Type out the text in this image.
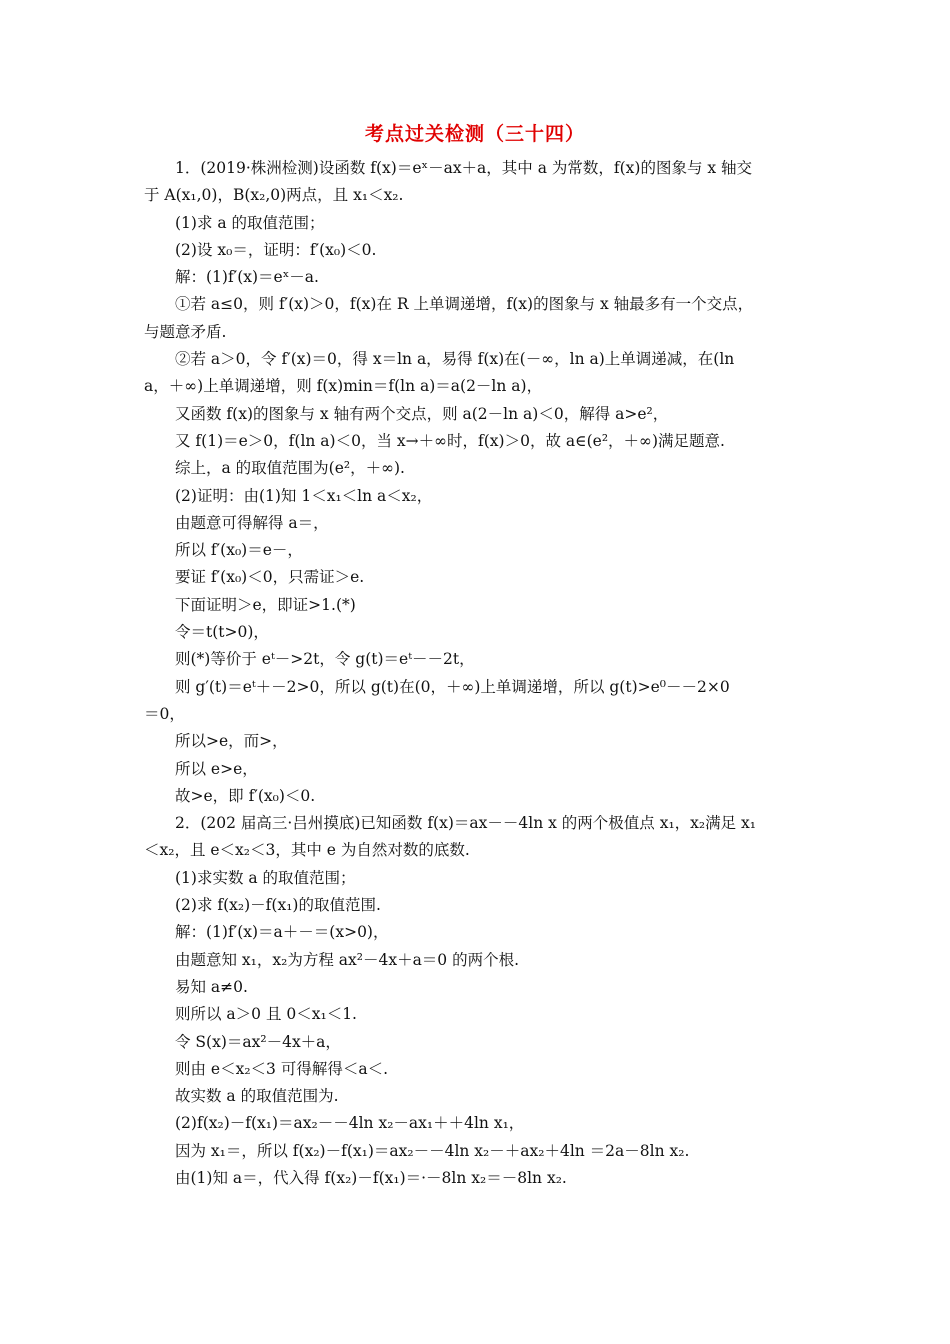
考点过关检测（三十四）
1．(2019·株洲检测)设函数 f(x)＝eˣ－ax＋a，其中 a 为常数，f(x)的图象与 x 轴交
于 A(x₁,0)，B(x₂,0)两点，且 x₁＜x₂.
(1)求 a 的取值范围；
(2)设 x₀＝，证明：f′(x₀)＜0.
解：(1)f′(x)＝eˣ－a.
①若 a≤0，则 f′(x)＞0，f(x)在 R 上单调递增，f(x)的图象与 x 轴最多有一个交点，
与题意矛盾.
②若 a＞0，令 f′(x)＝0，得 x＝ln a，易得 f(x)在(－∞，ln a)上单调递减，在(ln
a，＋∞)上单调递增，则 f(x)min＝f(ln a)＝a(2－ln a)，
又函数 f(x)的图象与 x 轴有两个交点，则 a(2－ln a)＜0，解得 a>e²，
又 f(1)＝e＞0，f(ln a)＜0，当 x→＋∞时，f(x)＞0，故 a∈(e²，＋∞)满足题意.
综上，a 的取值范围为(e²，＋∞).
(2)证明：由(1)知 1＜x₁＜ln a＜x₂，
由题意可得解得 a＝，
所以 f′(x₀)＝e－，
要证 f′(x₀)＜0，只需证＞e.
下面证明＞e，即证>1.(*)
令＝t(t>0)，
则(*)等价于 eᵗ－>2t，令 g(t)＝eᵗ－－2t，
则 g′(t)＝eᵗ＋－2>0，所以 g(t)在(0，＋∞)上单调递增，所以 g(t)>e⁰－－2×0
＝0，
所以>e，而>，
所以 e>e，
故>e，即 f′(x₀)＜0.
2．(202 届高三·吕州摸底)已知函数 f(x)＝ax－－4ln x 的两个极值点 x₁，x₂满足 x₁
＜x₂，且 e＜x₂＜3，其中 e 为自然对数的底数.
(1)求实数 a 的取值范围；
(2)求 f(x₂)－f(x₁)的取值范围.
解：(1)f′(x)＝a＋－＝(x>0)，
由题意知 x₁，x₂为方程 ax²－4x＋a＝0 的两个根.
易知 a≠0.
则所以 a＞0 且 0＜x₁＜1.
令 S(x)＝ax²－4x＋a，
则由 e＜x₂＜3 可得解得＜a＜.
故实数 a 的取值范围为.
(2)f(x₂)－f(x₁)＝ax₂－－4ln x₂－ax₁＋＋4ln x₁，
因为 x₁＝，所以 f(x₂)－f(x₁)＝ax₂－－4ln x₂－＋ax₂＋4ln ＝2a－8ln x₂.
由(1)知 a＝，代入得 f(x₂)－f(x₁)＝·－8ln x₂＝－8ln x₂.
